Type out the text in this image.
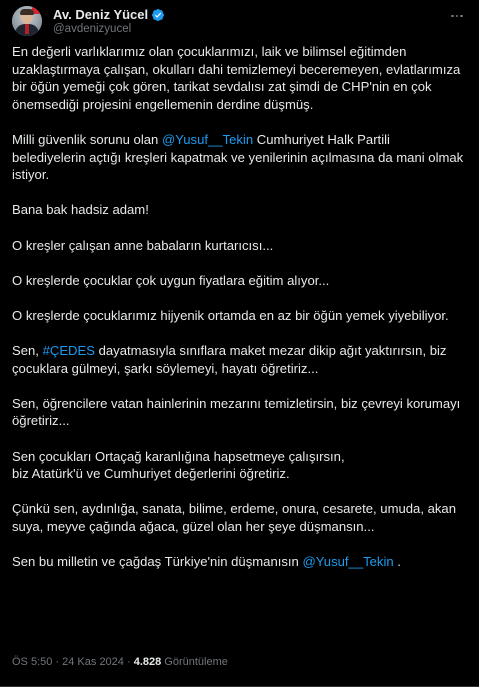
Av. Deniz Yücel
@avdenizyucel

En değerli varlıklarımız olan çocuklarımızı, laik ve bilimsel eğitimden uzaklaştırmaya çalışan, okulları dahi temizlemeyi beceremeyen, evlatlarımıza bir öğün yemeği çok gören, tarikat sevdalısı zat şimdi de CHP'nin en çok önemsediği projesini engellemenin derdine düşmüş.

Milli güvenlik sorunu olan @Yusuf__Tekin Cumhuriyet Halk Partili belediyelerin açtığı kreşleri kapatmak ve yenilerinin açılmasına da mani olmak istiyor.

Bana bak hadsiz adam!

O kreşler çalışan anne babaların kurtarıcısı...

O kreşlerde çocuklar çok uygun fiyatlara eğitim alıyor...

O kreşlerde çocuklarımız hijyenik ortamda en az bir öğün yemek yiyebiliyor.

Sen, #ÇEDES dayatmasıyla sınıflara maket mezar dikip ağıt yaktırırsın, biz çocuklara gülmeyi, şarkı söylemeyi, hayatı öğretiriz...

Sen, öğrencilere vatan hainlerinin mezarını temizletirsin, biz çevreyi korumayı öğretiriz...

Sen çocukları Ortaçağ karanlığına hapsetmeye çalışırsın,
biz Atatürk'ü ve Cumhuriyet değerlerini öğretiriz.

Çünkü sen, aydınlığa, sanata, bilime, erdeme, onura, cesarete, umuda, akan suya, meyve çağında ağaca, güzel olan her şeye düşmansın...

Sen bu milletin ve çağdaş Türkiye'nin düşmanısın @Yusuf__Tekin .

ÖS 5:50 · 24 Kas 2024 · 4.828 Görüntüleme
